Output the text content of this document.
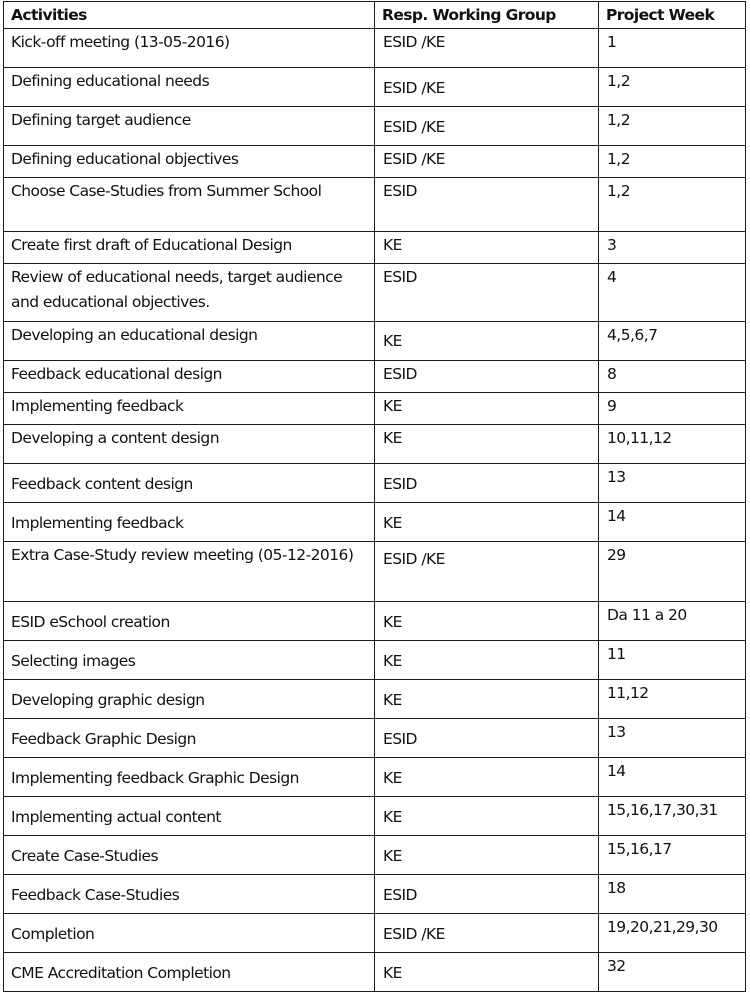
Activities	Resp. Working Group	Project Week
Kick-off meeting (13-05-2016)	ESID /KE	1
Defining educational needs	ESID /KE	1,2
Defining target audience	ESID /KE	1,2
Defining educational objectives	ESID /KE	1,2
Choose Case-Studies from Summer School	ESID	1,2
Create first draft of Educational Design	KE	3
Review of educational needs, target audience and educational objectives.	ESID	4
Developing an educational design	KE	4,5,6,7
Feedback educational design	ESID	8
Implementing feedback	KE	9
Developing a content design	KE	10,11,12
Feedback content design	ESID	13
Implementing feedback	KE	14
Extra Case-Study review meeting (05-12-2016)	ESID /KE	29
ESID eSchool creation	KE	Da 11 a 20
Selecting images	KE	11
Developing graphic design	KE	11,12
Feedback Graphic Design	ESID	13
Implementing feedback Graphic Design	KE	14
Implementing actual content	KE	15,16,17,30,31
Create Case-Studies	KE	15,16,17
Feedback Case-Studies	ESID	18
Completion	ESID /KE	19,20,21,29,30
CME Accreditation Completion	KE	32
